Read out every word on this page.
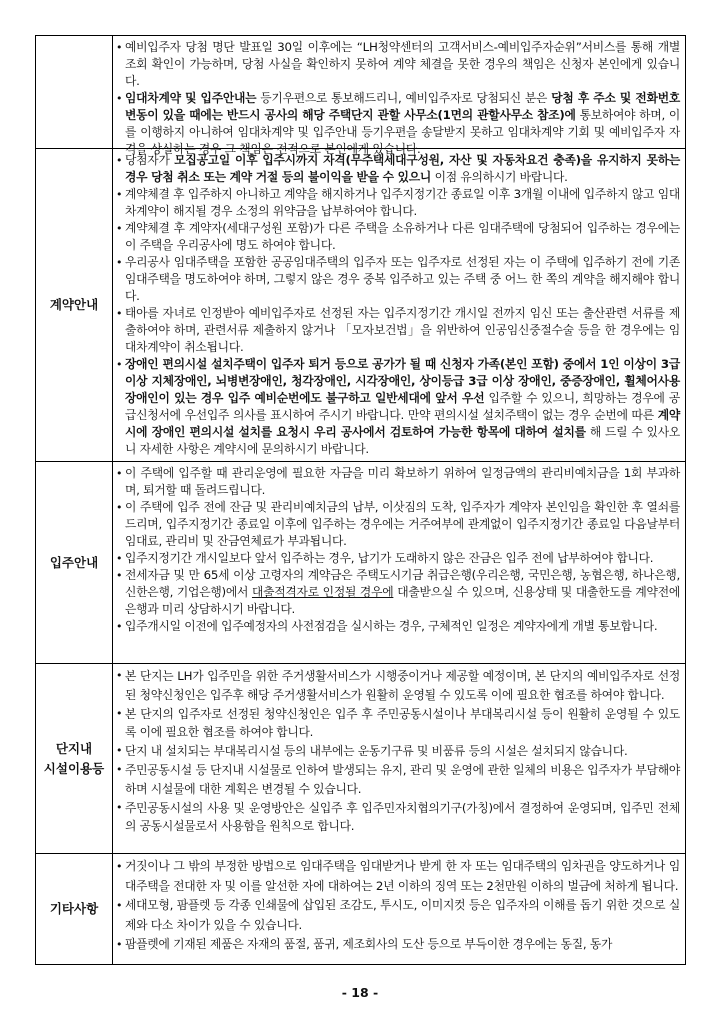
• 예비입주자 당첨 명단 발표일 30일 이후에는 “LH청약센터의 고객서비스-예비입주자순위”서비스를 통해 개별조회 확인이 가능하며, 당첨 사실을 확인하지 못하여 계약 체결을 못한 경우의 책임은 신청자 본인에게 있습니다.
• 임대차계약 및 입주안내는 등기우편으로 통보해드리니, 예비입주자로 당첨되신 분은 당첨 후 주소 및 전화번호 변동이 있을 때에는 반드시 공사의 해당 주택단지 관할 사무소(1면의 관할사무소 참조)에 통보하여야 하며, 이를 이행하지 아니하여 임대차계약 및 입주안내 등기우편을 송달받지 못하고 임대차계약 기회 및 예비입주자 자격을 상실하는 경우 그 책임은 전적으로 본인에게 있습니다.
계약안내
• 당첨자가 모집공고일 이후 입주시까지 자격(무주택세대구성원, 자산 및 자동차요건 충족)을 유지하지 못하는 경우 당첨 취소 또는 계약 거절 등의 불이익을 받을 수 있으니 이점 유의하시기 바랍니다.
• 계약체결 후 입주하지 아니하고 계약을 해지하거나 입주지정기간 종료일 이후 3개월 이내에 입주하지 않고 임대차계약이 해지될 경우 소정의 위약금을 납부하여야 합니다.
• 계약체결 후 계약자(세대구성원 포함)가 다른 주택을 소유하거나 다른 임대주택에 당첨되어 입주하는 경우에는 이 주택을 우리공사에 명도 하여야 합니다.
• 우리공사 임대주택을 포함한 공공임대주택의 입주자 또는 입주자로 선정된 자는 이 주택에 입주하기 전에 기존 임대주택을 명도하여야 하며, 그렇지 않은 경우 중복 입주하고 있는 주택 중 어느 한 쪽의 계약을 해지해야 합니다.
• 태아를 자녀로 인정받아 예비입주자로 선정된 자는 입주지정기간 개시일 전까지 임신 또는 출산관련 서류를 제출하여야 하며, 관련서류 제출하지 않거나 「모자보건법」을 위반하여 인공임신중절수술 등을 한 경우에는 임대차계약이 취소됩니다.
• 장애인 편의시설 설치주택이 입주자 퇴거 등으로 공가가 될 때 신청자 가족(본인 포함) 중에서 1인 이상이 3급 이상 지체장애인, 뇌병변장애인, 청각장애인, 시각장애인, 상이등급 3급 이상 장애인, 중증장애인, 휠체어사용 장애인이 있는 경우 입주 예비순번에도 불구하고 일반세대에 앞서 우선 입주할 수 있으니, 희망하는 경우에 공급신청서에 우선입주 의사를 표시하여 주시기 바랍니다. 만약 편의시설 설치주택이 없는 경우 순번에 따른 계약시에 장애인 편의시설 설치를 요청시 우리 공사에서 검토하여 가능한 항목에 대하여 설치를 해 드릴 수 있사오니 자세한 사항은 계약시에 문의하시기 바랍니다.
입주안내
• 이 주택에 입주할 때 관리운영에 필요한 자금을 미리 확보하기 위하여 일정금액의 관리비예치금을 1회 부과하며, 퇴거할 때 돌려드립니다.
• 이 주택에 입주 전에 잔금 및 관리비예치금의 납부, 이삿짐의 도착, 입주자가 계약자 본인임을 확인한 후 열쇠를 드리며, 입주지정기간 종료일 이후에 입주하는 경우에는 거주여부에 관계없이 입주지정기간 종료일 다음날부터 임대료, 관리비 및 잔금연체료가 부과됩니다.
• 입주지정기간 개시일보다 앞서 입주하는 경우, 납기가 도래하지 않은 잔금은 입주 전에 납부하여야 합니다.
• 전세자금 및 만 65세 이상 고령자의 계약금은 주택도시기금 취급은행(우리은행, 국민은행, 농협은행, 하나은행, 신한은행, 기업은행)에서 대출적격자로 인정될 경우에 대출받으실 수 있으며, 신용상태 및 대출한도를 계약전에 은행과 미리 상담하시기 바랍니다.
• 입주개시일 이전에 입주예정자의 사전점검을 실시하는 경우, 구체적인 일정은 계약자에게 개별 통보합니다.
단지내
시설이용등
• 본 단지는 LH가 입주민을 위한 주거생활서비스가 시행중이거나 제공할 예정이며, 본 단지의 예비입주자로 선정된 청약신청인은 입주후 해당 주거생활서비스가 원활히 운영될 수 있도록 이에 필요한 협조를 하여야 합니다.
• 본 단지의 입주자로 선정된 청약신청인은 입주 후 주민공동시설이나 부대복리시설 등이 원활히 운영될 수 있도록 이에 필요한 협조를 하여야 합니다.
• 단지 내 설치되는 부대복리시설 등의 내부에는 운동기구류 및 비품류 등의 시설은 설치되지 않습니다.
• 주민공동시설 등 단지내 시설물로 인하여 발생되는 유지, 관리 및 운영에 관한 일체의 비용은 입주자가 부담해야 하며 시설물에 대한 계획은 변경될 수 있습니다.
• 주민공동시설의 사용 및 운영방안은 실입주 후 입주민자치협의기구(가칭)에서 결정하여 운영되며, 입주민 전체의 공동시설물로서 사용함을 원칙으로 합니다.
기타사항
• 거짓이나 그 밖의 부정한 방법으로 임대주택을 임대받거나 받게 한 자 또는 임대주택의 임차권을 양도하거나 임대주택을 전대한 자 및 이를 알선한 자에 대하여는 2년 이하의 징역 또는 2천만원 이하의 벌금에 처하게 됩니다.
• 세대모형, 팜플렛 등 각종 인쇄물에 삽입된 조감도, 투시도, 이미지컷 등은 입주자의 이해를 돕기 위한 것으로 실제와 다소 차이가 있을 수 있습니다.
• 팜플렛에 기재된 제품은 자재의 품절, 품귀, 제조회사의 도산 등으로 부득이한 경우에는 동질, 동가
- 18 -
